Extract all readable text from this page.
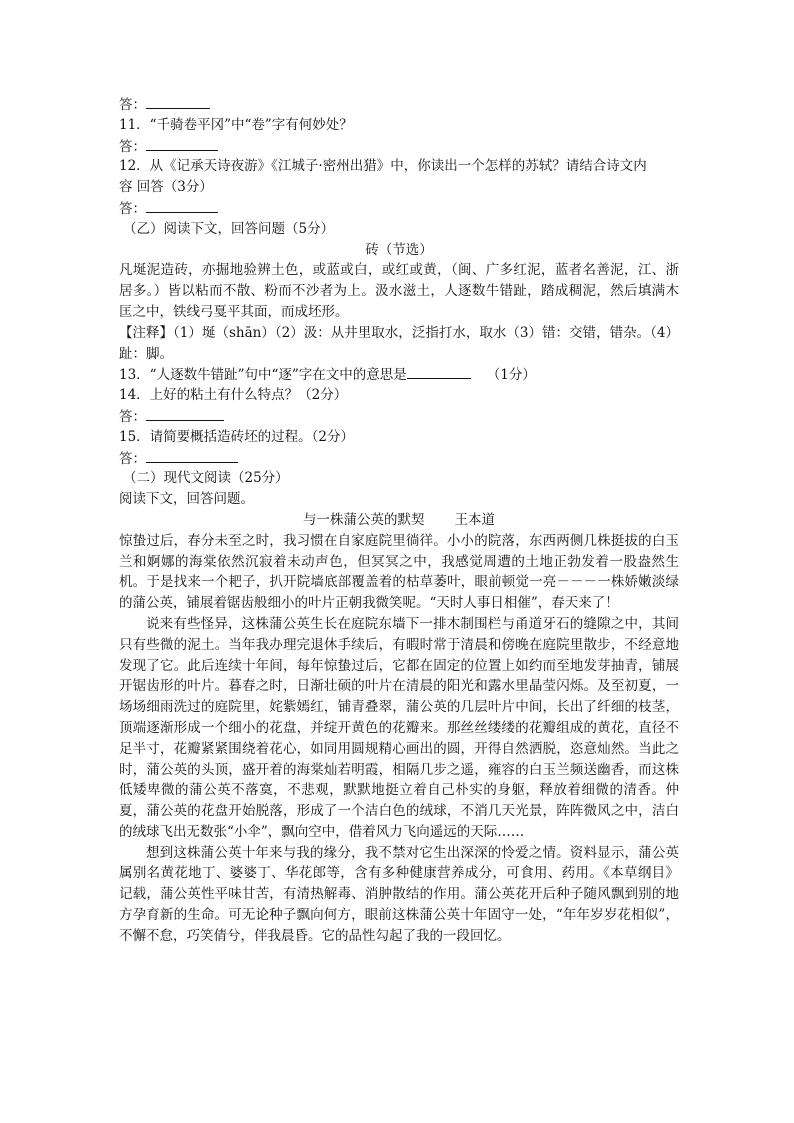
答：
11．“千骑卷平冈”中“卷”字有何妙处？
答：
12．从《记承天诗夜游》《江城子·密州出猎》中，你读出一个怎样的苏轼？请结合诗文内
容 回答（3分）
答：
（乙）阅读下文，回答问题（5分）
砖（节选）
凡埏泥造砖，亦掘地验辨土色，或蓝或白，或红或黄，（闽、广多红泥，蓝者名善泥，江、浙居多。）皆以粘而不散、粉而不沙者为上。汲水滋土，人逐数牛错趾，踏成稠泥，然后填满木匡之中，铁线弓戛平其面，而成坯形。
【注释】（1）埏（shān）（2）汲：从井里取水，泛指打水，取水（3）错：交错，错杂。（4）趾：脚。
13．“人逐数牛错趾”句中“逐”字在文中的意思是	（1分）
14．上好的粘土有什么特点？（2分）
答：
15．请简要概括造砖坯的过程。（2分）
答：
（二）现代文阅读（25分）
阅读下文，回答问题。
与一株蒲公英的默契 王本道
惊蛰过后，春分未至之时，我习惯在自家庭院里徜徉。小小的院落，东西两侧几株挺拔的白玉兰和婀娜的海棠依然沉寂着未动声色，但冥冥之中，我感觉周遭的土地正勃发着一股盎然生机。于是找来一个耙子，扒开院墙底部覆盖着的枯草萎叶，眼前顿觉一亮－－－一株娇嫩淡绿的蒲公英，铺展着锯齿般细小的叶片正朝我微笑呢。“天时人事日相催”，春天来了！
说来有些怪异，这株蒲公英生长在庭院东墙下一排木制围栏与甬道牙石的缝隙之中，其间只有些微的泥土。当年我办理完退休手续后，有暇时常于清晨和傍晚在庭院里散步，不经意地发现了它。此后连续十年间，每年惊蛰过后，它都在固定的位置上如约而至地发芽抽青，铺展开锯齿形的叶片。暮春之时，日渐壮硕的叶片在清晨的阳光和露水里晶莹闪烁。及至初夏，一场场细雨洗过的庭院里，姹紫嫣红，铺青叠翠，蒲公英的几层叶片中间，长出了纤细的枝茎，顶端逐渐形成一个细小的花盘，并绽开黄色的花瓣来。那丝丝缕缕的花瓣组成的黄花，直径不足半寸，花瓣紧紧围绕着花心，如同用圆规精心画出的圆，开得自然洒脱，恣意灿然。当此之时，蒲公英的头顶，盛开着的海棠灿若明霞，相隔几步之遥，雍容的白玉兰频送幽香，而这株低矮卑微的蒲公英不落寞，不悲观，默默地挺立着自己朴实的身躯，释放着细微的清香。仲夏，蒲公英的花盘开始脱落，形成了一个洁白色的绒球，不消几天光景，阵阵微风之中，洁白的绒球飞出无数张“小伞”，飘向空中，借着风力飞向遥远的天际……
想到这株蒲公英十年来与我的缘分，我不禁对它生出深深的怜爱之情。资料显示，蒲公英属别名黄花地丁、婆婆丁、华花郎等，含有多种健康营养成分，可食用、药用。《本草纲目》记载，蒲公英性平味甘苦，有清热解毒、消肿散结的作用。蒲公英花开后种子随风飘到别的地方孕育新的生命。可无论种子飘向何方，眼前这株蒲公英十年固守一处，“年年岁岁花相似”，不懈不怠，巧笑倩兮，伴我晨昏。它的品性勾起了我的一段回忆。
